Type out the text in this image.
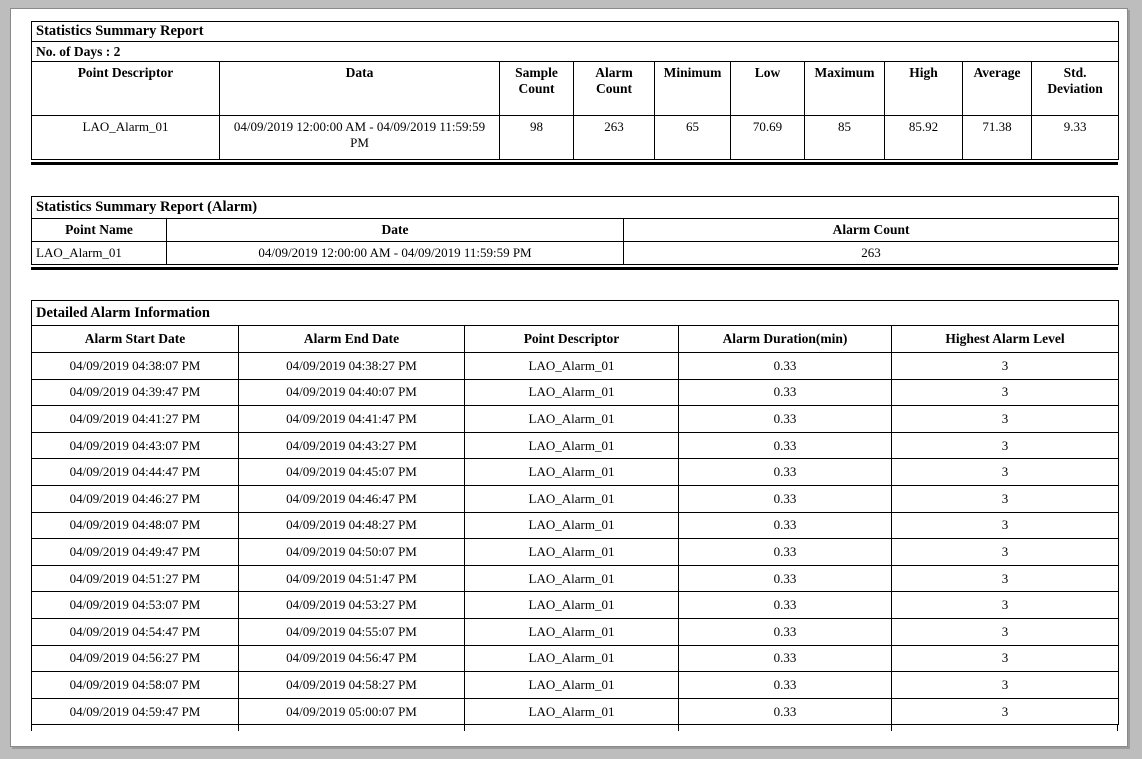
Statistics Summary Report									
No. of Days : 2									
Point Descriptor	Data	Sample Count	Alarm Count	Minimum	Low	Maximum	High	Average	Std. Deviation
LAO_Alarm_01	04/09/2019 12:00:00 AM - 04/09/2019 11:59:59 PM	98	263	65	70.69	85	85.92	71.38	9.33
Statistics Summary Report (Alarm)		
Point Name	Date	Alarm Count
LAO_Alarm_01	04/09/2019 12:00:00 AM - 04/09/2019 11:59:59 PM	263
Detailed Alarm Information				
Alarm Start Date	Alarm End Date	Point Descriptor	Alarm Duration(min)	Highest Alarm Level
04/09/2019 04:38:07 PM	04/09/2019 04:38:27 PM	LAO_Alarm_01	0.33	3
04/09/2019 04:39:47 PM	04/09/2019 04:40:07 PM	LAO_Alarm_01	0.33	3
04/09/2019 04:41:27 PM	04/09/2019 04:41:47 PM	LAO_Alarm_01	0.33	3
04/09/2019 04:43:07 PM	04/09/2019 04:43:27 PM	LAO_Alarm_01	0.33	3
04/09/2019 04:44:47 PM	04/09/2019 04:45:07 PM	LAO_Alarm_01	0.33	3
04/09/2019 04:46:27 PM	04/09/2019 04:46:47 PM	LAO_Alarm_01	0.33	3
04/09/2019 04:48:07 PM	04/09/2019 04:48:27 PM	LAO_Alarm_01	0.33	3
04/09/2019 04:49:47 PM	04/09/2019 04:50:07 PM	LAO_Alarm_01	0.33	3
04/09/2019 04:51:27 PM	04/09/2019 04:51:47 PM	LAO_Alarm_01	0.33	3
04/09/2019 04:53:07 PM	04/09/2019 04:53:27 PM	LAO_Alarm_01	0.33	3
04/09/2019 04:54:47 PM	04/09/2019 04:55:07 PM	LAO_Alarm_01	0.33	3
04/09/2019 04:56:27 PM	04/09/2019 04:56:47 PM	LAO_Alarm_01	0.33	3
04/09/2019 04:58:07 PM	04/09/2019 04:58:27 PM	LAO_Alarm_01	0.33	3
04/09/2019 04:59:47 PM	04/09/2019 05:00:07 PM	LAO_Alarm_01	0.33	3
